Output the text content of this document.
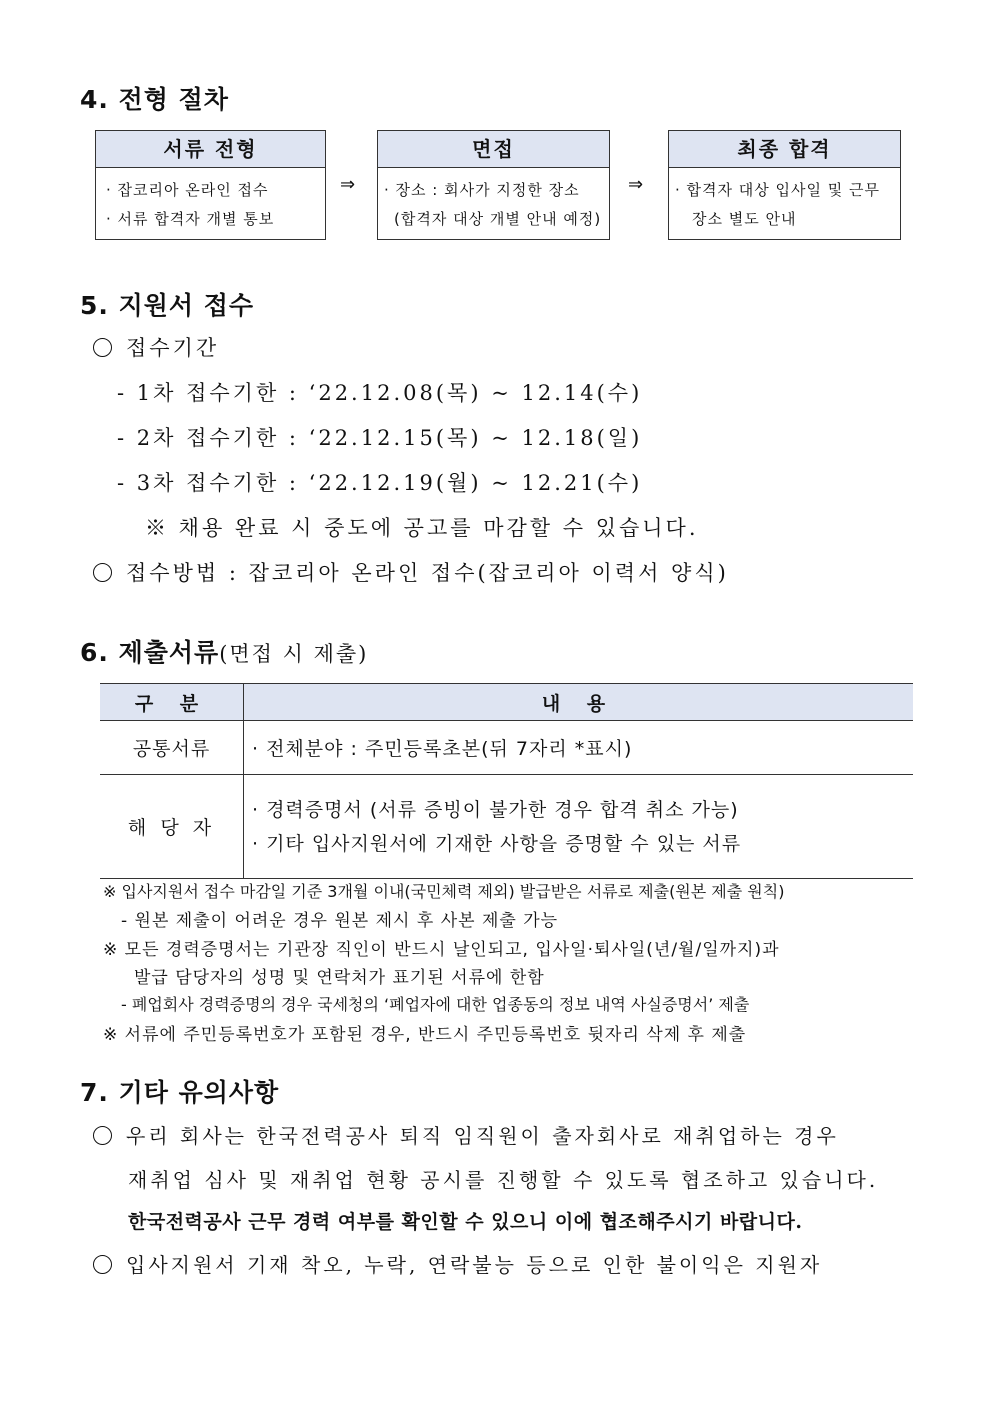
4. 전형 절차
서류 전형
· 잡코리아 온라인 접수
· 서류 합격자 개별 통보
⇒
면접
· 장소 : 회사가 지정한 장소
(합격자 대상 개별 안내 예정)
⇒
최종 합격
· 합격자 대상 입사일 및 근무
장소 별도 안내
5. 지원서 접수
접수기간
- 1차 접수기한 : ‘22.12.08(목) ~ 12.14(수)
- 2차 접수기한 : ‘22.12.15(목) ~ 12.18(일)
- 3차 접수기한 : ‘22.12.19(월) ~ 12.21(수)
※ 채용 완료 시 중도에 공고를 마감할 수 있습니다.
접수방법 : 잡코리아 온라인 접수(잡코리아 이력서 양식)
6. 제출서류(면접 시 제출)
구 분	내 용
공통서류	· 전체분야 : 주민등록초본(뒤 7자리 *표시)

해 당 자	· 경력증명서 (서류 증빙이 불가한 경우 합격 취소 가능)
· 기타 입사지원서에 기재한 사항을 증명할 수 있는 서류
※ 입사지원서 접수 마감일 기준 3개월 이내(국민체력 제외) 발급받은 서류로 제출(원본 제출 원칙)
- 원본 제출이 어려운 경우 원본 제시 후 사본 제출 가능
※ 모든 경력증명서는 기관장 직인이 반드시 날인되고, 입사일·퇴사일(년/월/일까지)과
발급 담당자의 성명 및 연락처가 표기된 서류에 한함
- 폐업회사 경력증명의 경우 국세청의 ‘폐업자에 대한 업종동의 정보 내역 사실증명서’ 제출
※ 서류에 주민등록번호가 포함된 경우, 반드시 주민등록번호 뒷자리 삭제 후 제출
7. 기타 유의사항
우리 회사는 한국전력공사 퇴직 임직원이 출자회사로 재취업하는 경우
재취업 심사 및 재취업 현황 공시를 진행할 수 있도록 협조하고 있습니다.
한국전력공사 근무 경력 여부를 확인할 수 있으니 이에 협조해주시기 바랍니다.
입사지원서 기재 착오, 누락, 연락불능 등으로 인한 불이익은 지원자
